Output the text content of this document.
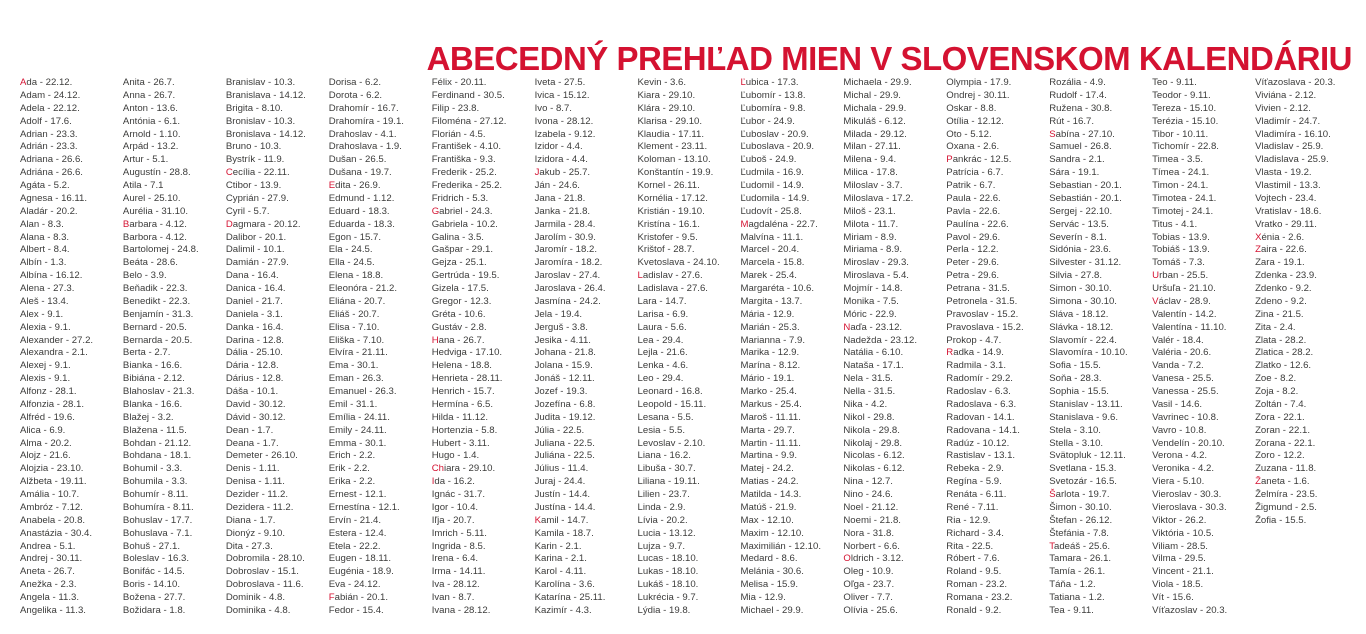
ABECEDNÝ PREHĽAD MIEN V SLOVENSKOM KALENDÁRIU
Ada - 22.12.
Adam - 24.12.
Adela - 22.12.
Adolf - 17.6.
Adrian - 23.3.
Adrián - 23.3.
Adriana - 26.6.
Adriána - 26.6.
Agáta - 5.2.
Agnesa - 16.11.
Aladár - 20.2.
Alan - 8.3.
Alana - 8.3.
Albert - 8.4.
Albín - 1.3.
Albína - 16.12.
Alena - 27.3.
Aleš - 13.4.
Alex - 9.1.
Alexia - 9.1.
Alexander - 27.2.
Alexandra - 2.1.
Alexej - 9.1.
Alexis - 9.1.
Alfonz - 28.1.
Alfonzia - 28.1.
Alfréd - 19.6.
Alica - 6.9.
Alma - 20.2.
Alojz - 21.6.
Alojzia - 23.10.
Alžbeta - 19.11.
Amália - 10.7.
Ambróz - 7.12.
Anabela - 20.8.
Anastázia - 30.4.
Andrea - 5.1.
Andrej - 30.11.
Aneta - 26.7.
Anežka - 2.3.
Angela - 11.3.
Angelika - 11.3.
Anita - 26.7.
Anna - 26.7.
Anton - 13.6.
Antónia - 6.1.
Arnold - 1.10.
Arpád - 13.2.
Artur - 5.1.
Augustín - 28.8.
Atila - 7.1
Aurel - 25.10.
Aurélia - 31.10.
Barbara - 4.12.
Barbora - 4.12.
Bartolomej - 24.8.
Beáta - 28.6.
Belo - 3.9.
Beňadik - 22.3.
Benedikt - 22.3.
Benjamín - 31.3.
Bernard - 20.5.
Bernarda - 20.5.
Berta - 2.7.
Bianka - 16.6.
Bibiána - 2.12.
Blahoslav - 21.3.
Blanka - 16.6.
Blažej - 3.2.
Blažena - 11.5.
Bohdan - 21.12.
Bohdana - 18.1.
Bohumil - 3.3.
Bohumila - 3.3.
Bohumír - 8.11.
Bohumíra - 8.11.
Bohuslav - 17.7.
Bohuslava - 7.1.
Bohuš - 27.1.
Boleslav - 16.3.
Bonifác - 14.5.
Boris - 14.10.
Božena - 27.7.
Božidara - 1.8.
Branislav - 10.3.
Branislava - 14.12.
Brigita - 8.10.
Bronislav - 10.3.
Bronislava - 14.12.
Bruno - 10.3.
Bystrík - 11.9.
Cecília - 22.11.
Ctibor - 13.9.
Cyprián - 27.9.
Cyril - 5.7.
Dagmara - 20.12.
Dalibor - 20.1.
Dalimil - 10.1.
Damián - 27.9.
Dana - 16.4.
Danica - 16.4.
Daniel - 21.7.
Daniela - 3.1.
Danka - 16.4.
Darina - 12.8.
Dália - 25.10.
Dária - 12.8.
Dárius - 12.8.
Dáša - 10.1.
David - 30.12.
Dávid - 30.12.
Dean - 1.7.
Deana - 1.7.
Demeter - 26.10.
Denis - 1.11.
Denisa - 1.11.
Dezider - 11.2.
Dezidera - 11.2.
Diana - 1.7.
Dionýz - 9.10.
Dita - 27.3.
Dobromila - 28.10.
Dobroslav - 15.1.
Dobroslava - 11.6.
Dominik - 4.8.
Dominika - 4.8.
Dorisa - 6.2.
Dorota - 6.2.
Drahomír - 16.7.
Drahomíra - 19.1.
Drahoslav - 4.1.
Drahoslava - 1.9.
Dušan - 26.5.
Dušana - 19.7.
Edita - 26.9.
Edmund - 1.12.
Eduard - 18.3.
Eduarda - 18.3.
Egon - 15.7.
Ela - 24.5.
Ella - 24.5.
Elena - 18.8.
Eleonóra - 21.2.
Eliána - 20.7.
Eliáš - 20.7.
Elisa - 7.10.
Eliška - 7.10.
Elvíra - 21.11.
Ema - 30.1.
Eman - 26.3.
Emanuel - 26.3.
Emil - 31.1.
Emília - 24.11.
Emily - 24.11.
Emma - 30.1.
Erich - 2.2.
Erik - 2.2.
Erika - 2.2.
Ernest - 12.1.
Ernestína - 12.1.
Ervín - 21.4.
Estera - 12.4.
Etela - 22.2.
Eugen - 18.11.
Eugénia - 18.9.
Eva - 24.12.
Fabián - 20.1.
Fedor - 15.4.
Félix - 20.11.
Ferdinand - 30.5.
Filip - 23.8.
Filoména - 27.12.
Florián - 4.5.
František - 4.10.
Františka - 9.3.
Frederik - 25.2.
Frederika - 25.2.
Fridrich - 5.3.
Gabriel - 24.3.
Gabriela - 10.2.
Galina - 3.5.
Gašpar - 29.1.
Gejza - 25.1.
Gertrúda - 19.5.
Gizela - 17.5.
Gregor - 12.3.
Gréta - 10.6.
Gustáv - 2.8.
Hana - 26.7.
Hedviga - 17.10.
Helena - 18.8.
Henrieta - 28.11.
Henrich - 15.7.
Hermína - 6.5.
Hilda - 11.12.
Hortenzia - 5.8.
Hubert - 3.11.
Hugo - 1.4.
Chiara - 29.10.
Ida - 16.2.
Ignác - 31.7.
Igor - 10.4.
Iľja - 20.7.
Imrich - 5.11.
Ingrida - 8.5.
Irena - 6.4.
Irma - 14.11.
Iva - 28.12.
Ivan - 8.7.
Ivana - 28.12.
Iveta - 27.5.
Ivica - 15.12.
Ivo - 8.7.
Ivona - 28.12.
Izabela - 9.12.
Izidor - 4.4.
Izidora - 4.4.
Jakub - 25.7.
Ján - 24.6.
Jana - 21.8.
Janka - 21.8.
Jarmila - 28.4.
Jarolím - 30.9.
Jaromír - 18.2.
Jaromíra - 18.2.
Jaroslav - 27.4.
Jaroslava - 26.4.
Jasmína - 24.2.
Jela - 19.4.
Jerguš - 3.8.
Jesika - 4.11.
Johana - 21.8.
Jolana - 15.9.
Jonáš - 12.11.
Jozef - 19.3.
Jozefína - 6.8.
Judita - 19.12.
Júlia - 22.5.
Juliana - 22.5.
Juliána - 22.5.
Július - 11.4.
Juraj - 24.4.
Justín - 14.4.
Justína - 14.4.
Kamil - 14.7.
Kamila - 18.7.
Karin - 2.1.
Karina - 2.1.
Karol - 4.11.
Karolína - 3.6.
Katarína - 25.11.
Kazimír - 4.3.
Kevin - 3.6.
Kiara - 29.10.
Klára - 29.10.
Klarisa - 29.10.
Klaudia - 17.11.
Klement - 23.11.
Koloman - 13.10.
Konštantín - 19.9.
Kornel - 26.11.
Kornélia - 17.12.
Kristián - 19.10.
Kristína - 16.1.
Kristofer - 9.5.
Krištof - 28.7.
Kvetoslava - 24.10.
Ladislav - 27.6.
Ladislava - 27.6.
Lara - 14.7.
Larisa - 6.9.
Laura - 5.6.
Lea - 29.4.
Lejla - 21.6.
Lenka - 4.6.
Leo - 29.4.
Leonard - 16.8.
Leopold - 15.11.
Lesana - 5.5.
Lesia - 5.5.
Levoslav - 2.10.
Liana - 16.2.
Libuša - 30.7.
Liliana - 19.11.
Lilien - 23.7.
Linda - 2.9.
Lívia - 20.2.
Lucia - 13.12.
Lujza - 9.7.
Lucas - 18.10.
Lukas - 18.10.
Lukáš - 18.10.
Lukrécia - 9.7.
Lýdia - 19.8.
Ľubica - 17.3.
Ľubomír - 13.8.
Ľubomíra - 9.8.
Ľubor - 24.9.
Ľuboslav - 20.9.
Ľuboslava - 20.9.
Ľuboš - 24.9.
Ľudmila - 16.9.
Ľudomil - 14.9.
Ľudomila - 14.9.
Ľudovít - 25.8.
Magdaléna - 22.7.
Malvína - 11.1.
Marcel - 20.4.
Marcela - 15.8.
Marek - 25.4.
Margaréta - 10.6.
Margita - 13.7.
Mária - 12.9.
Marián - 25.3.
Marianna - 7.9.
Marika - 12.9.
Marína - 8.12.
Mário - 19.1.
Marko - 25.4.
Markus - 25.4.
Maroš - 11.11.
Marta - 29.7.
Martin - 11.11.
Martina - 9.9.
Matej - 24.2.
Matias - 24.2.
Matilda - 14.3.
Matúš - 21.9.
Max - 12.10.
Maxim - 12.10.
Maximilián - 12.10.
Medard - 8.6.
Melánia - 30.6.
Melisa - 15.9.
Mia - 12.9.
Michael - 29.9.
Michaela - 29.9.
Michal - 29.9.
Michala - 29.9.
Mikuláš - 6.12.
Milada - 29.12.
Milan - 27.11.
Milena - 9.4.
Milica - 17.8.
Miloslav - 3.7.
Miloslava - 17.2.
Miloš - 23.1.
Milota - 11.7.
Miriam - 8.9.
Miriama - 8.9.
Miroslav - 29.3.
Miroslava - 5.4.
Mojmír - 14.8.
Monika - 7.5.
Móric - 22.9.
Naďa - 23.12.
Nadežda - 23.12.
Natália - 6.10.
Nataša - 17.1.
Nela - 31.5.
Nella - 31.5.
Nika - 4.2.
Nikol - 29.8.
Nikola - 29.8.
Nikolaj - 29.8.
Nicolas - 6.12.
Nikolas - 6.12.
Nina - 12.7.
Nino - 24.6.
Noel - 21.12.
Noemi - 21.8.
Nora - 31.8.
Norbert - 6.6.
Oldrich - 3.12.
Oleg - 10.9.
Oľga - 23.7.
Oliver - 7.7.
Olívia - 25.6.
Olympia - 17.9.
Ondrej - 30.11.
Oskar - 8.8.
Otília - 12.12.
Oto - 5.12.
Oxana - 2.6.
Pankrác - 12.5.
Patrícia - 6.7.
Patrik - 6.7.
Paula - 22.6.
Pavla - 22.6.
Paulína - 22.6.
Pavol - 29.6.
Perla - 12.2.
Peter - 29.6.
Petra - 29.6.
Petrana - 31.5.
Petronela - 31.5.
Pravoslav - 15.2.
Pravoslava - 15.2.
Prokop - 4.7.
Radka - 14.9.
Radmila - 3.1.
Radomír - 29.2.
Radoslav - 6.3.
Radoslava - 6.3.
Radovan - 14.1.
Radovana - 14.1.
Radúz - 10.12.
Rastislav - 13.1.
Rebeka - 2.9.
Regína - 5.9.
Renáta - 6.11.
René - 7.11.
Ria - 12.9.
Richard - 3.4.
Rita - 22.5.
Róbert - 7.6.
Roland - 9.5.
Roman - 23.2.
Romana - 23.2.
Ronald - 9.2.
Rozália - 4.9.
Rudolf - 17.4.
Ružena - 30.8.
Rút - 16.7.
Sabína - 27.10.
Samuel - 26.8.
Sandra - 2.1.
Sára - 19.1.
Sebastian - 20.1.
Sebastián - 20.1.
Sergej - 22.10.
Servác - 13.5.
Severín - 8.1.
Sidónia - 23.6.
Silvester - 31.12.
Silvia - 27.8.
Simon - 30.10.
Simona - 30.10.
Sláva - 18.12.
Slávka - 18.12.
Slavomír - 22.4.
Slavomíra - 10.10.
Sofia - 15.5.
Soňa - 28.3.
Sophia - 15.5.
Stanislav - 13.11.
Stanislava - 9.6.
Stela - 3.10.
Stella - 3.10.
Svätopluk - 12.11.
Svetlana - 15.3.
Svetozár - 16.5.
Šarlota - 19.7.
Šimon - 30.10.
Štefan - 26.12.
Štefánia - 7.8.
Tadeáš - 25.6.
Tamara - 26.1.
Tamía - 26.1.
Táňa - 1.2.
Tatiana - 1.2.
Tea - 9.11.
Teo - 9.11.
Teodor - 9.11.
Tereza - 15.10.
Terézia - 15.10.
Tibor - 10.11.
Tichomír - 22.8.
Timea - 3.5.
Tímea - 24.1.
Timon - 24.1.
Timotea - 24.1.
Timotej - 24.1.
Titus - 4.1.
Tobias - 13.9.
Tobiáš - 13.9.
Tomáš - 7.3.
Urban - 25.5.
Uršuľa - 21.10.
Václav - 28.9.
Valentín - 14.2.
Valentína - 11.10.
Valér - 18.4.
Valéria - 20.6.
Vanda - 7.2.
Vanesa - 25.5.
Vanessa - 25.5.
Vasil - 14.6.
Vavrinec - 10.8.
Vavro - 10.8.
Vendelín - 20.10.
Verona - 4.2.
Veronika - 4.2.
Viera - 5.10.
Vieroslav - 30.3.
Vieroslava - 30.3.
Viktor - 26.2.
Viktória - 10.5.
Viliam - 28.5.
Vilma - 29.5.
Vincent - 21.1.
Viola - 18.5.
Vít - 15.6.
Víťazoslav - 20.3.
Víťazoslava - 20.3.
Viviána - 2.12.
Vivien - 2.12.
Vladimír - 24.7.
Vladimíra - 16.10.
Vladislav - 25.9.
Vladislava - 25.9.
Vlasta - 19.2.
Vlastimil - 13.3.
Vojtech - 23.4.
Vratislav - 18.6.
Vratko - 29.11.
Xénia - 2.6.
Zaira - 22.6.
Zara - 19.1.
Zdenka - 23.9.
Zdenko - 9.2.
Zdeno - 9.2.
Zina - 21.5.
Zita - 2.4.
Zlata - 28.2.
Zlatica - 28.2.
Zlatko - 12.6.
Zoe - 8.2.
Zoja - 8.2.
Zoltán - 7.4.
Zora - 22.1.
Zoran - 22.1.
Zorana - 22.1.
Zoro - 12.2.
Zuzana - 11.8.
Žaneta - 1.6.
Želmíra - 23.5.
Žigmund - 2.5.
Žofia - 15.5.
